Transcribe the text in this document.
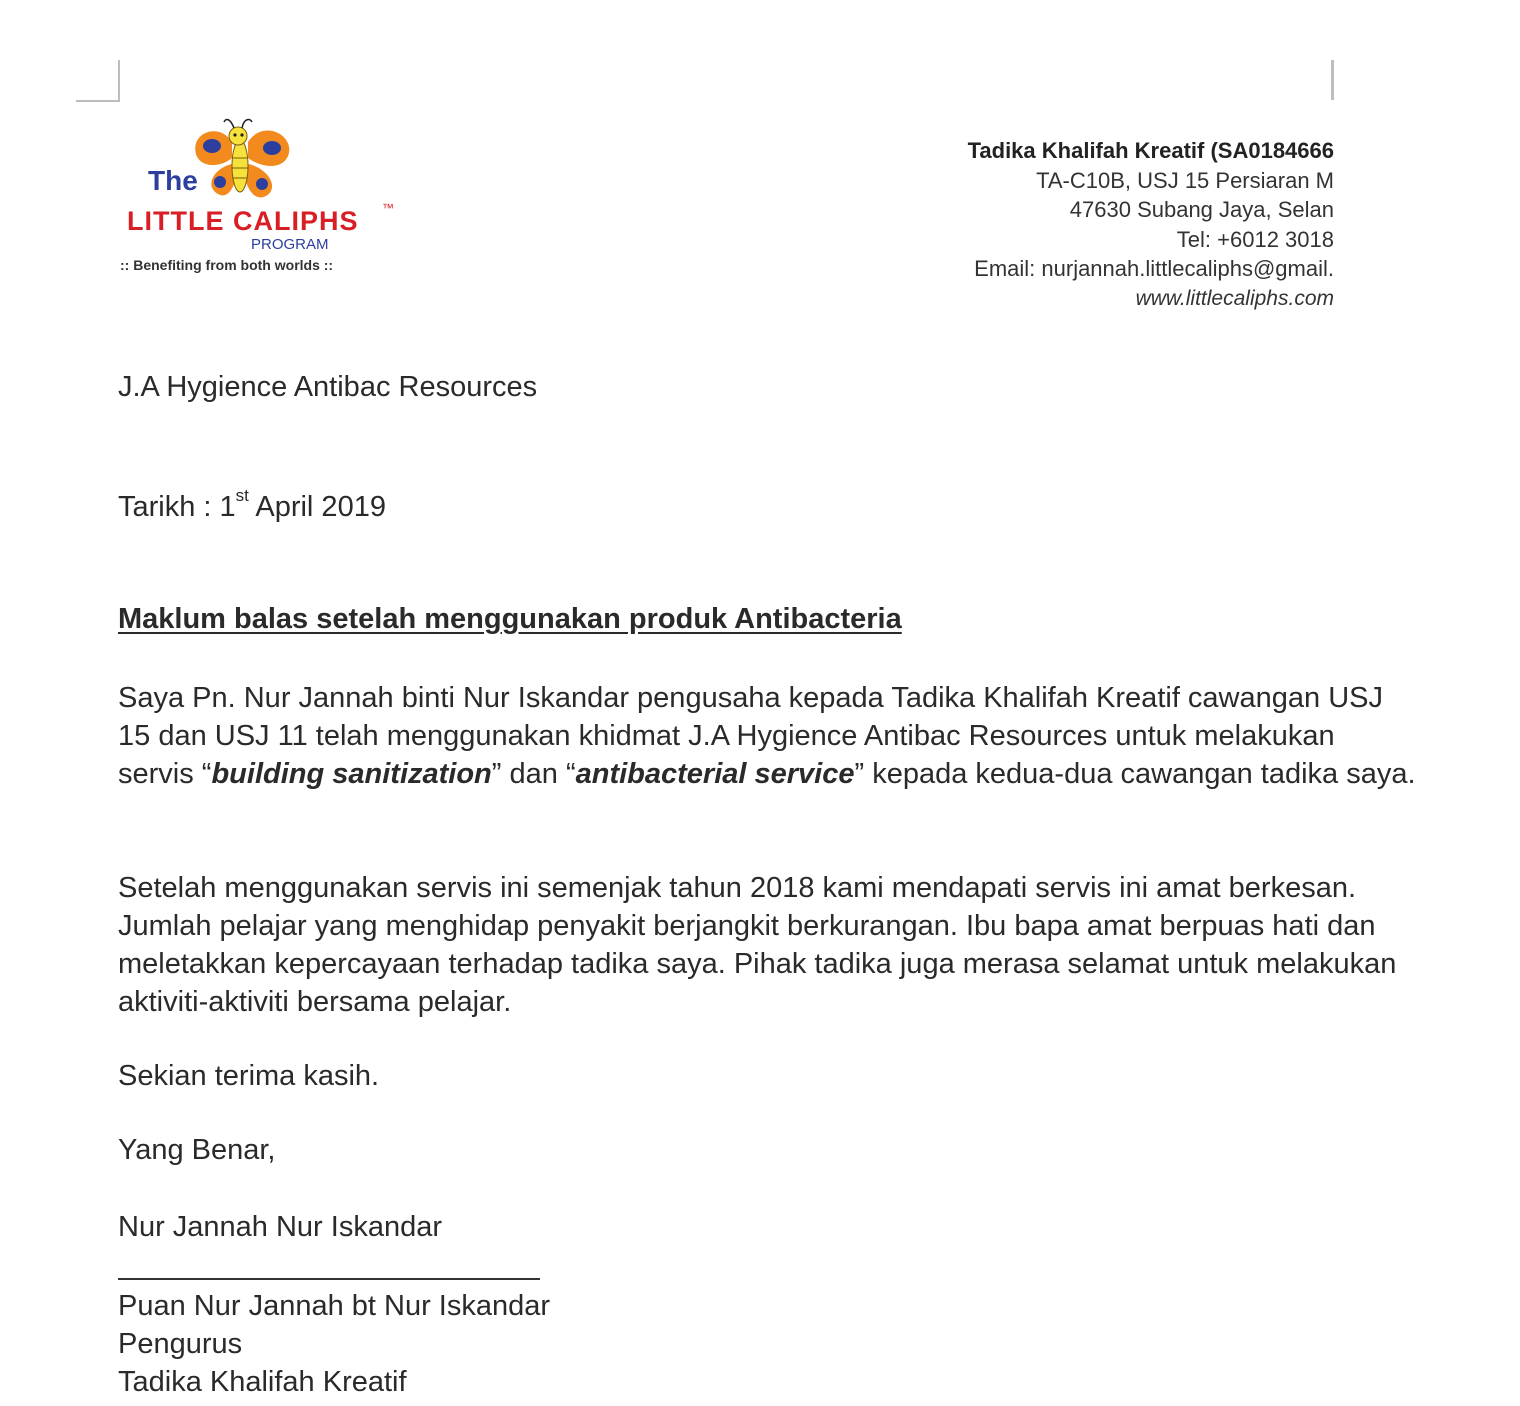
The
LITTLE CALIPHS ™
PROGRAM
:: Benefiting from both worlds ::
Tadika Khalifah Kreatif (SA0184666
TA-C10B, USJ 15 Persiaran M
47630 Subang Jaya, Selan
Tel: +6012 3018
Email: nurjannah.littlecaliphs@gmail.
www.littlecaliphs.com
J.A Hygience Antibac Resources
Tarikh : 1st April 2019
Maklum balas setelah menggunakan produk Antibacteria
Saya Pn. Nur Jannah binti Nur Iskandar pengusaha kepada Tadika Khalifah Kreatif cawangan USJ 15 dan USJ 11 telah menggunakan khidmat J.A Hygience Antibac Resources untuk melakukan servis “building sanitization” dan “antibacterial service” kepada kedua-dua cawangan tadika saya.
Setelah menggunakan servis ini semenjak tahun 2018 kami mendapati servis ini amat berkesan. Jumlah pelajar yang menghidap penyakit berjangkit berkurangan. Ibu bapa amat berpuas hati dan meletakkan kepercayaan terhadap tadika saya. Pihak tadika juga merasa selamat untuk melakukan aktiviti-aktiviti bersama pelajar.
Sekian terima kasih.
Yang Benar,
Nur Jannah Nur Iskandar
Puan Nur Jannah bt Nur Iskandar
Pengurus
Tadika Khalifah Kreatif
